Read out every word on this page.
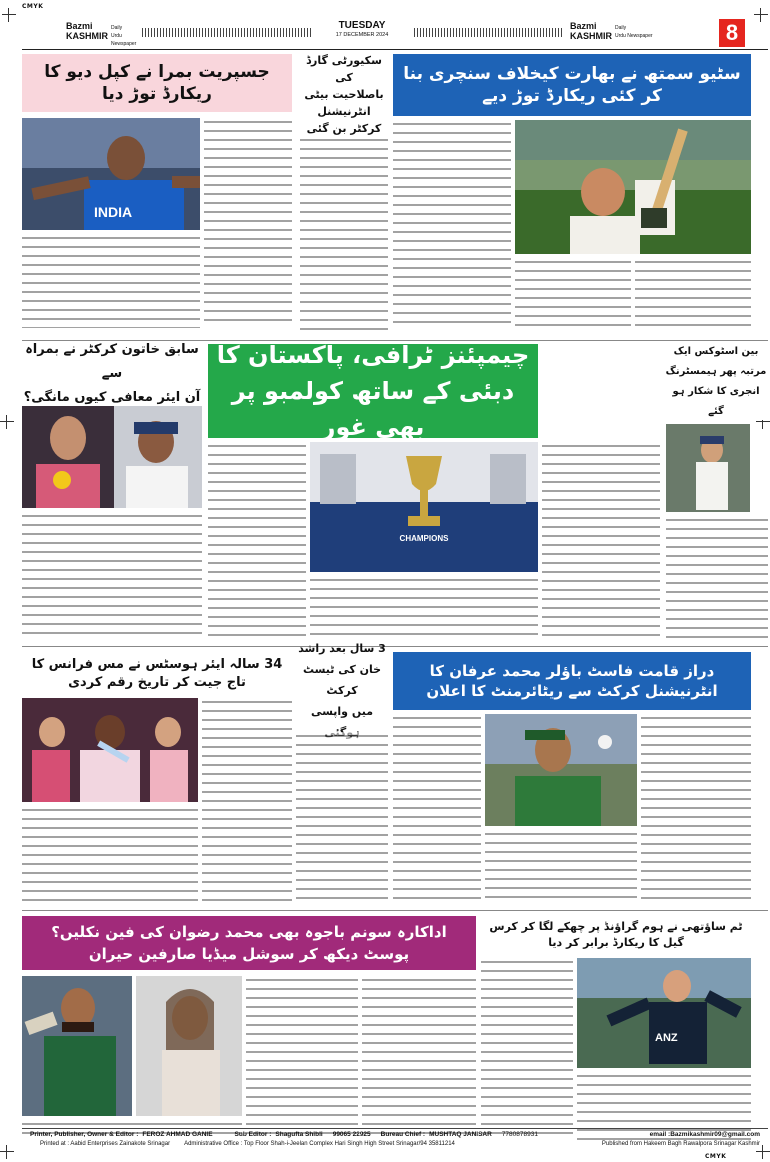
CMYK
CMYK
Bazmi
KASHMIR
Daily
Urdu Newspaper
TUESDAY
17 DECEMBER 2024
Bazmi
KASHMIR
Daily
Urdu Newspaper	8
سٹیو سمتھ نے بھارت کیخلاف سنچری بنا کر کئی ریکارڈ توڑ دیے
سکیورٹی گارڈ کی
باصلاحیت بیٹی
انٹرنیشنل کرکٹر بن گئی
جسپریت بمرا نے کپل دیو کا ریکارڈ توڑ دیا
INDIA
سابق خاتون کرکٹر نے بمراہ سے
آن ایئر معافی کیوں مانگی؟
چیمپئنز ٹرافی، پاکستان کا دبئی کے ساتھ کولمبو پر بھی غور
CHAMPIONS
بین اسٹوکس ایک
مرتبہ پھر ہیمسٹرنگ
انجری کا شکار ہو گئے
34 سالہ ایئر ہوسٹس نے مس فرانس کا تاج جیت کر تاریخ رقم کردی
3 سال بعد راشد
خان کی ٹیسٹ کرکٹ
میں واپسی
دراز قامت فاسٹ باؤلر محمد عرفان کا انٹرنیشنل کرکٹ سے ریٹائرمنٹ کا اعلان
اداکارہ سونم باجوہ بھی محمد رضوان کی فین نکلیں؟ پوسٹ دیکھ کر سوشل میڈیا صارفین حیران
ٹم ساؤتھی نے ہوم گراؤنڈ پر چھکے لگا کر کرس گیل کا ریکارڈ برابر کر دیا
ANZ
Printer, Publisher, Owner & Editor : FEROZ AHMAD GANIE	Sub Editor : Shagufta Shibli 99065 22925 Bureau Chief : MUSHTAQ JANISAR 7780878931	email :Bazmikashmir09@gmail.com
Printed at : Aabid Enterprises Zainakote Srinagar Administrative Office : Top Floor Shah-i-Jeelan Complex Hari Singh High Street Srinagar/94 35811214	Published from Hakeem Bagh Rawalpora Srinagar Kashmir
